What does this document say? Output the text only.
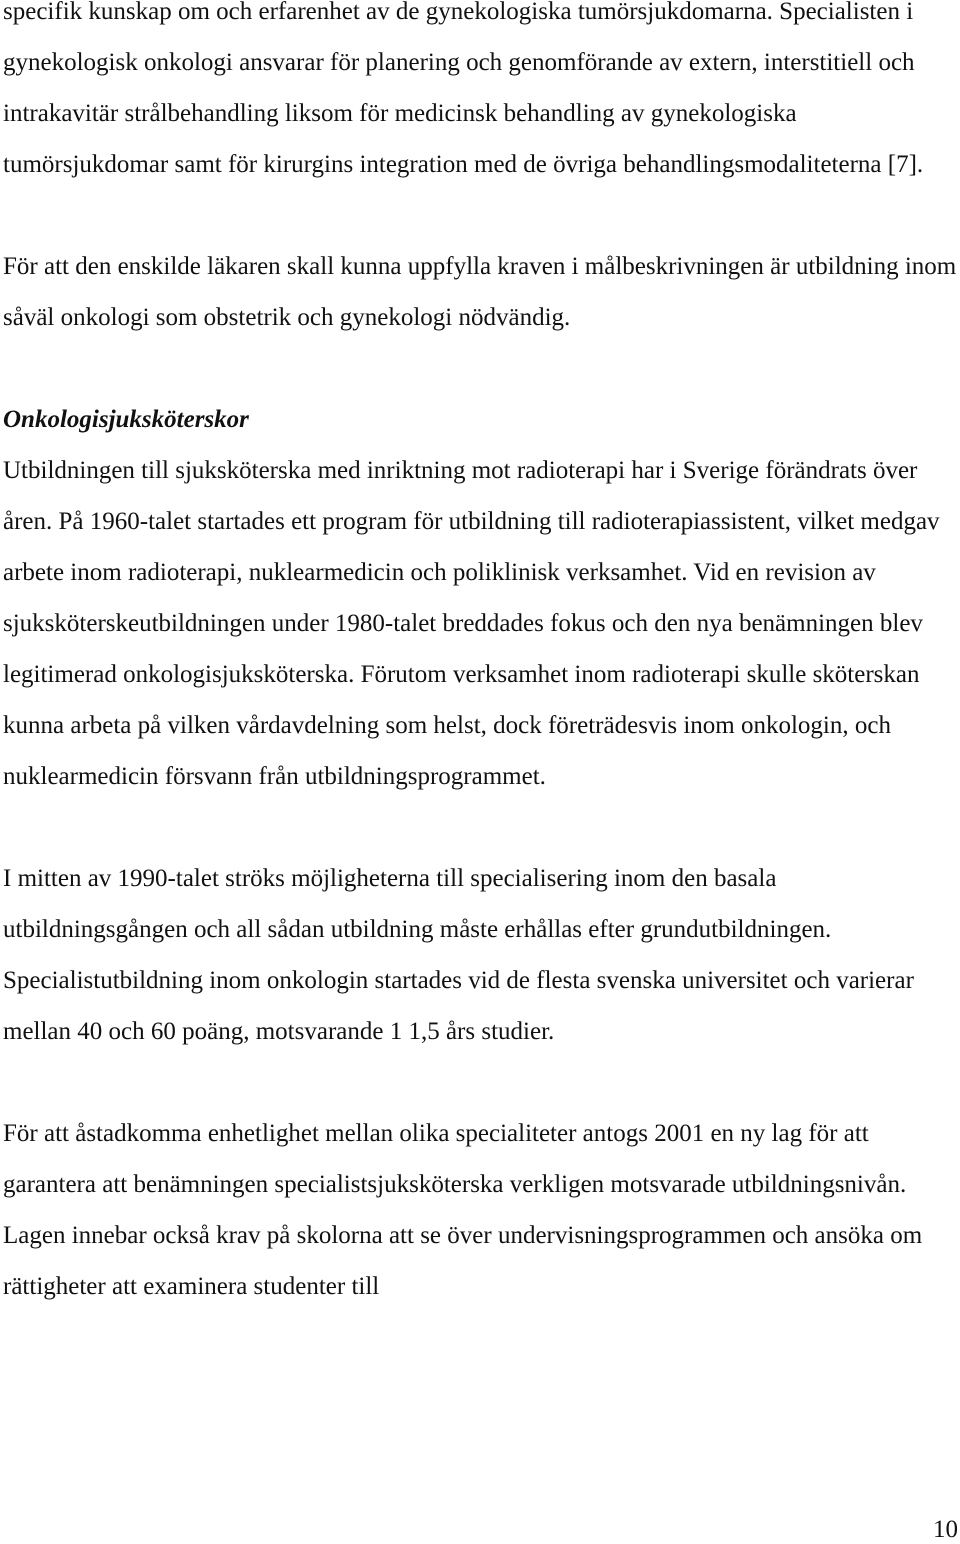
specifik kunskap om och erfarenhet av de gynekologiska tumörsjukdomarna. Specialisten i gynekologisk onkologi ansvarar för planering och genomförande av extern, interstitiell och intrakavitär strålbehandling liksom för medicinsk behandling av gynekologiska tumörsjukdomar samt för kirurgins integration med de övriga behandlingsmodaliteterna [7].

För att den enskilde läkaren skall kunna uppfylla kraven i målbeskrivningen är utbildning inom såväl onkologi som obstetrik och gynekologi nödvändig.

Onkologisjuksköterskor
Utbildningen till sjuksköterska med inriktning mot radioterapi har i Sverige förändrats över åren. På 1960-talet startades ett program för utbildning till radioterapiassistent, vilket medgav arbete inom radioterapi, nuklearmedicin och poliklinisk verksamhet. Vid en revision av sjuksköterskeutbildningen under 1980-talet breddades fokus och den nya benämningen blev legitimerad onkologisjuksköterska. Förutom verksamhet inom radioterapi skulle sköterskan kunna arbeta på vilken vårdavdelning som helst, dock företrädesvis inom onkologin, och nuklearmedicin försvann från utbildningsprogrammet.

I mitten av 1990-talet ströks möjligheterna till specialisering inom den basala utbildningsgången och all sådan utbildning måste erhållas efter grundutbildningen. Specialistutbildning inom onkologin startades vid de flesta svenska universitet och varierar mellan 40 och 60 poäng, motsvarande 1 1,5 års studier.

För att åstadkomma enhetlighet mellan olika specialiteter antogs 2001 en ny lag för att garantera att benämningen specialistsjuksköterska verkligen motsvarade utbildningsnivån. Lagen innebar också krav på skolorna att se över undervisningsprogrammen och ansöka om rättigheter att examinera studenter till

10
